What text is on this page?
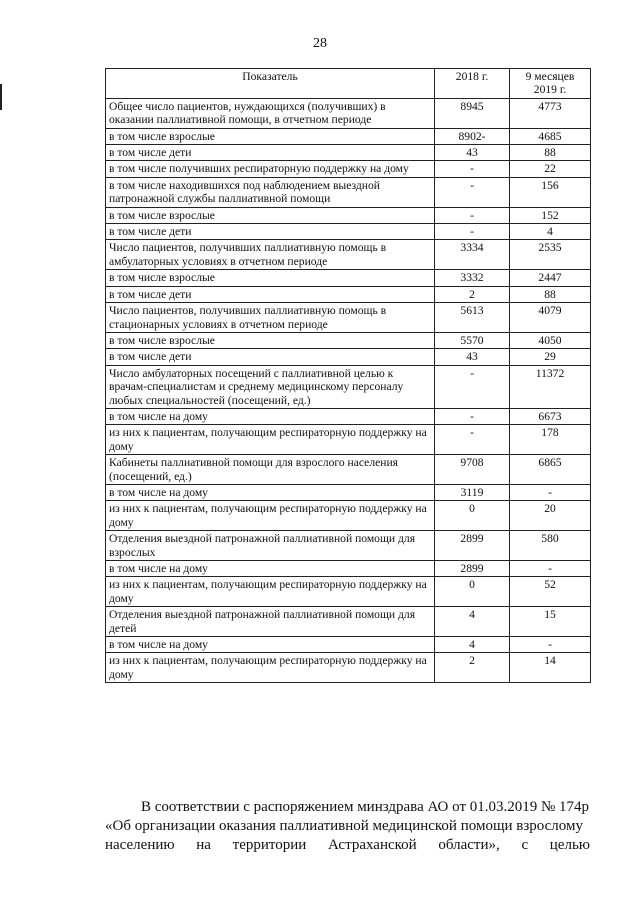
28
Показатель	2018 г.	9 месяцев 2019 г.
Общее число пациентов, нуждающихся (получивших) в оказании паллиативной помощи, в отчетном периоде	8945	4773
в том числе взрослые	8902-	4685
в том числе дети	43	88
в том числе получивших респираторную поддержку на дому	-	22
в том числе находившихся под наблюдением выездной патронажной службы паллиативной помощи	-	156
в том числе взрослые	-	152
в том числе дети	-	4
Число пациентов, получивших паллиативную помощь в амбулаторных условиях в отчетном периоде	3334	2535
в том числе взрослые	3332	2447
в том числе дети	2	88
Число пациентов, получивших паллиативную помощь в стационарных условиях в отчетном периоде	5613	4079
в том числе взрослые	5570	4050
в том числе дети	43	29
Число амбулаторных посещений с паллиативной целью к врачам-специалистам и среднему медицинскому персоналу любых специальностей (посещений, ед.)	-	11372
в том числе на дому	-	6673
из них к пациентам, получающим респираторную поддержку на дому	-	178
Кабинеты паллиативной помощи для взрослого населения (посещений, ед.)	9708	6865
в том числе на дому	3119	-
из них к пациентам, получающим респираторную поддержку на дому	0	20
Отделения выездной патронажной паллиативной помощи для взрослых	2899	580
в том числе на дому	2899	-
из них к пациентам, получающим респираторную поддержку на дому	0	52
Отделения выездной патронажной паллиативной помощи для детей	4	15
в том числе на дому	4	-
из них к пациентам, получающим респираторную поддержку на дому	2	14

В соответствии с распоряжением минздрава АО от 01.03.2019 № 174р
«Об организации оказания паллиативной медицинской помощи взрослому
населению на территории Астраханской области», с целью
